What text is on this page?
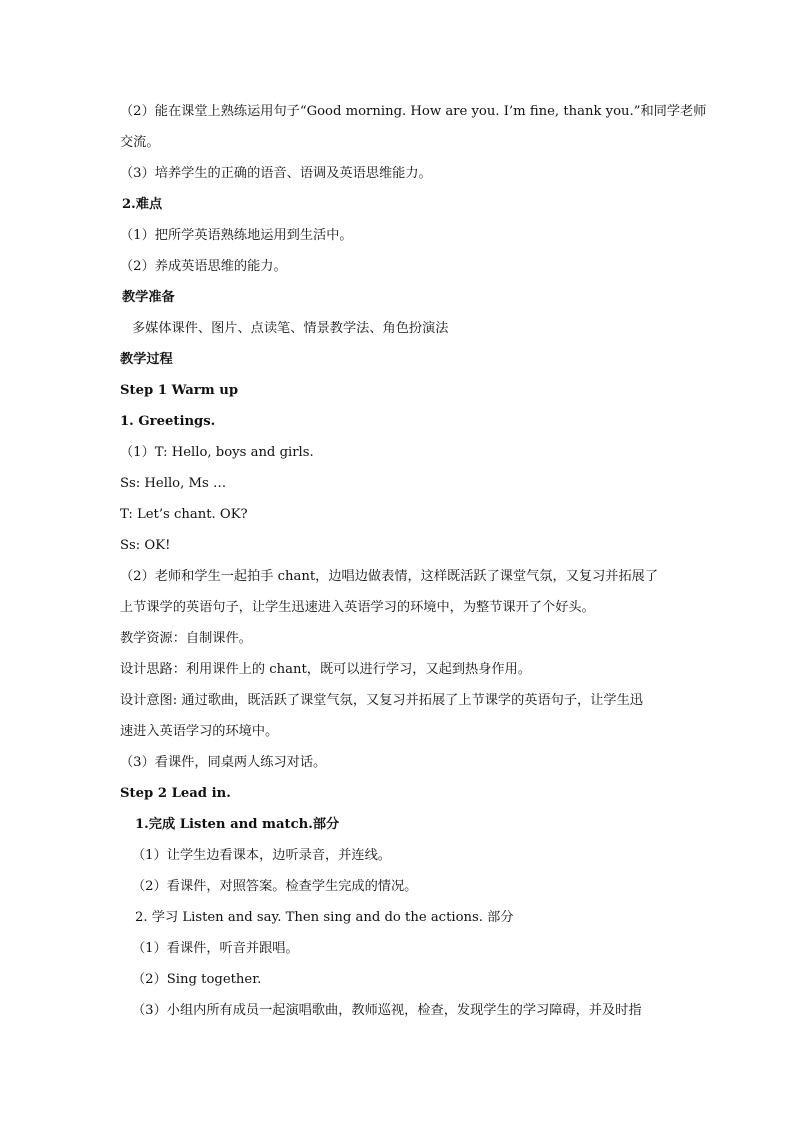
（2）能在课堂上熟练运用句子“Good morning. How are you. I’m fine, thank you.”和同学老师
交流。
（3）培养学生的正确的语音、语调及英语思维能力。
2.难点
（1）把所学英语熟练地运用到生活中。
（2）养成英语思维的能力。
教学准备
多媒体课件、图片、点读笔、情景教学法、角色扮演法
教学过程
Step 1 Warm up
1. Greetings.
（1）T: Hello, boys and girls.
Ss: Hello, Ms …
T: Let’s chant. OK?
Ss: OK!
（2）老师和学生一起拍手 chant，边唱边做表情，这样既活跃了课堂气氛，又复习并拓展了
上节课学的英语句子，让学生迅速进入英语学习的环境中，为整节课开了个好头。
教学资源：自制课件。
设计思路：利用课件上的 chant，既可以进行学习，又起到热身作用。
设计意图: 通过歌曲，既活跃了课堂气氛，又复习并拓展了上节课学的英语句子，让学生迅
速进入英语学习的环境中。
（3）看课件，同桌两人练习对话。
Step 2 Lead in.
1.完成 Listen and match.部分
（1）让学生边看课本，边听录音，并连线。
（2）看课件，对照答案。检查学生完成的情况。
2. 学习 Listen and say. Then sing and do the actions. 部分
（1）看课件，听音并跟唱。
（2）Sing together.
（3）小组内所有成员一起演唱歌曲，教师巡视，检查，发现学生的学习障碍，并及时指
